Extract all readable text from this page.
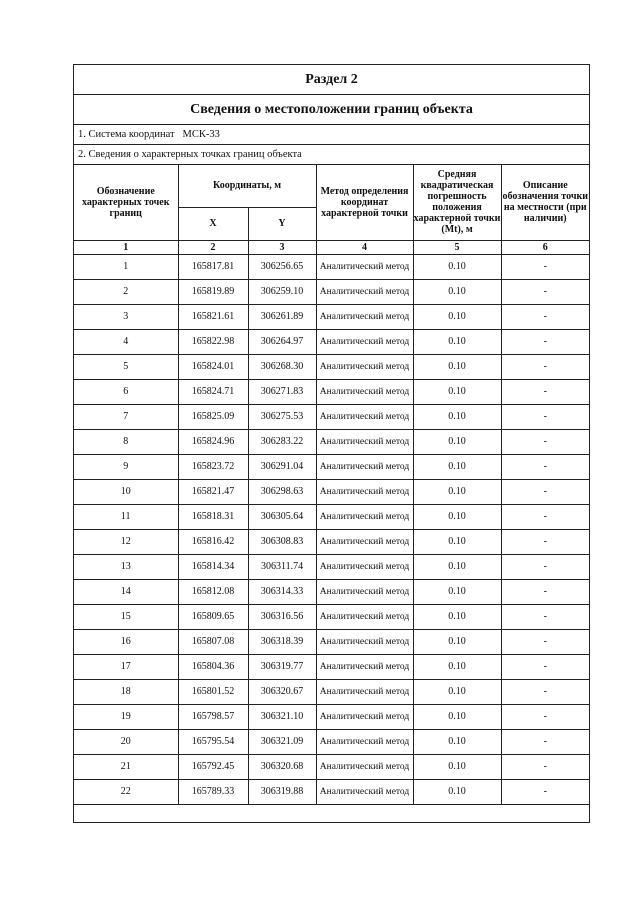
Раздел 2
Сведения о местоположении границ объекта
1. Система координат МСК-33
2. Сведения о характерных точках границ объекта
Обозначение характерных точек границ	Координаты, м		Метод определения координат характерной точки	Средняя квадратическая погрешность положения характерной точки (Mt), м	Описание обозначения точки на местности (при наличии)
	X	Y			
1	2	3	4	5	6
1	165817.81	306256.65	Аналитический метод	0.10	-
2	165819.89	306259.10	Аналитический метод	0.10	-
3	165821.61	306261.89	Аналитический метод	0.10	-
4	165822.98	306264.97	Аналитический метод	0.10	-
5	165824.01	306268.30	Аналитический метод	0.10	-
6	165824.71	306271.83	Аналитический метод	0.10	-
7	165825.09	306275.53	Аналитический метод	0.10	-
8	165824.96	306283.22	Аналитический метод	0.10	-
9	165823.72	306291.04	Аналитический метод	0.10	-
10	165821.47	306298.63	Аналитический метод	0.10	-
11	165818.31	306305.64	Аналитический метод	0.10	-
12	165816.42	306308.83	Аналитический метод	0.10	-
13	165814.34	306311.74	Аналитический метод	0.10	-
14	165812.08	306314.33	Аналитический метод	0.10	-
15	165809.65	306316.56	Аналитический метод	0.10	-
16	165807.08	306318.39	Аналитический метод	0.10	-
17	165804.36	306319.77	Аналитический метод	0.10	-
18	165801.52	306320.67	Аналитический метод	0.10	-
19	165798.57	306321.10	Аналитический метод	0.10	-
20	165795.54	306321.09	Аналитический метод	0.10	-
21	165792.45	306320.68	Аналитический метод	0.10	-
22	165789.33	306319.88	Аналитический метод	0.10	-
